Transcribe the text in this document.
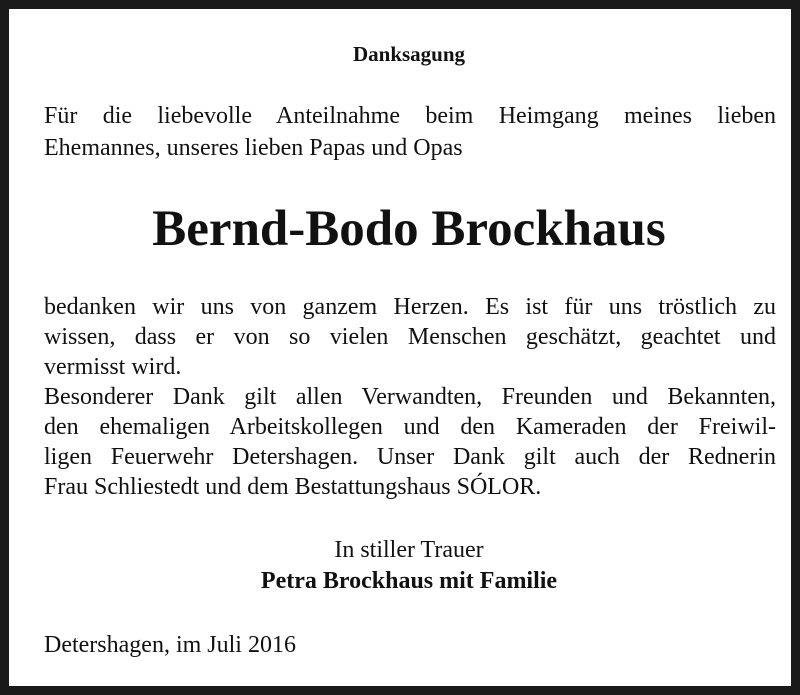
Danksagung
Für die liebevolle Anteilnahme beim Heimgang meines lieben
Ehemannes, unseres lieben Papas und Opas
Bernd-Bodo Brockhaus
bedanken wir uns von ganzem Herzen. Es ist für uns tröstlich zu
wissen, dass er von so vielen Menschen geschätzt, geachtet und
vermisst wird.
Besonderer Dank gilt allen Verwandten, Freunden und Bekannten,
den ehemaligen Arbeitskollegen und den Kameraden der Freiwil-
ligen Feuerwehr Detershagen. Unser Dank gilt auch der Rednerin
Frau Schliestedt und dem Bestattungshaus SÓLOR.
In stiller Trauer
Petra Brockhaus mit Familie
Detershagen, im Juli 2016
